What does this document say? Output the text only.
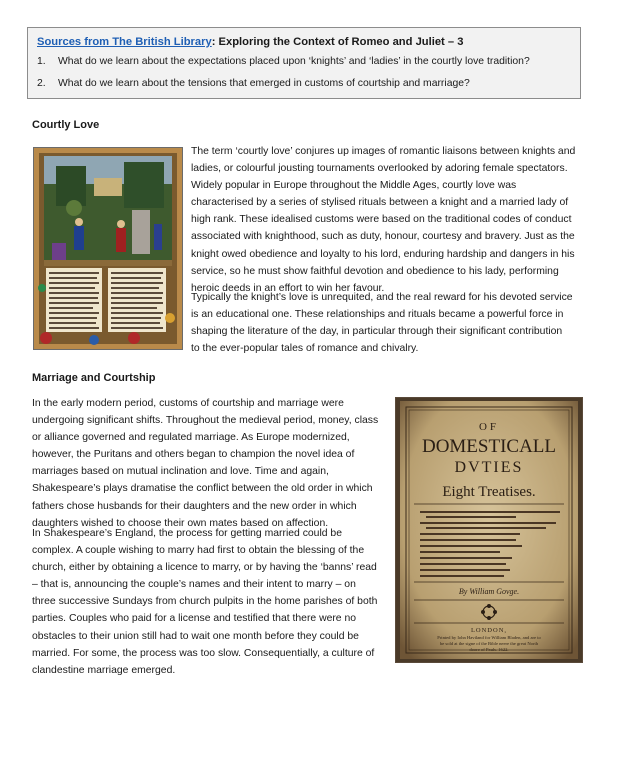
Sources from The British Library: Exploring the Context of Romeo and Juliet – 3
1.	What do we learn about the expectations placed upon ‘knights’ and ‘ladies’ in the courtly love tradition?
2.	What do we learn about the tensions that emerged in customs of courtship and marriage?
Courtly Love
The term ‘courtly love’ conjures up images of romantic liaisons between knights and
ladies, or colourful jousting tournaments overlooked by adoring female spectators.
Widely popular in Europe throughout the Middle Ages, courtly love was
characterised by a series of stylised rituals between a knight and a married lady of
high rank. These idealised customs were based on the traditional codes of conduct
associated with knighthood, such as duty, honour, courtesy and bravery. Just as the
knight owed obedience and loyalty to his lord, enduring hardship and dangers in his
service, so he must show faithful devotion and obedience to his lady, performing
heroic deeds in an effort to win her favour.
Typically the knight’s love is unrequited, and the real reward for his devoted service
is an educational one. These relationships and rituals became a powerful force in
shaping the literature of the day, in particular through their significant contribution
to the ever-popular tales of romance and chivalry.
Marriage and Courtship
In the early modern period, customs of courtship and marriage were
undergoing significant shifts. Throughout the medieval period, money, class
or alliance governed and regulated marriage. As Europe modernized,
however, the Puritans and others began to champion the novel idea of
marriages based on mutual inclination and love. Time and again,
Shakespeare’s plays dramatise the conflict between the old order in which
fathers chose husbands for their daughters and the new order in which
daughters wished to choose their own mates based on affection.
In Shakespeare’s England, the process for getting married could be
complex. A couple wishing to marry had first to obtain the blessing of the
church, either by obtaining a licence to marry, or by having the ‘banns’ read
– that is, announcing the couple’s names and their intent to marry – on
three successive Sundays from church pulpits in the home parishes of both
parties. Couples who paid for a license and testified that there were no
obstacles to their union still had to wait one month before they could be
married. For some, the process was too slow. Consequentially, a culture of
clandestine marriage emerged.
OF
DOMESTICALL
DVTIES
Eight Treatises.
By William Govge.
LONDON,
Printed by Iohn Haviland for William Bladen, and are to
be sold at the signe of the Bible neere the great North
doore of Pauls. 1622.
